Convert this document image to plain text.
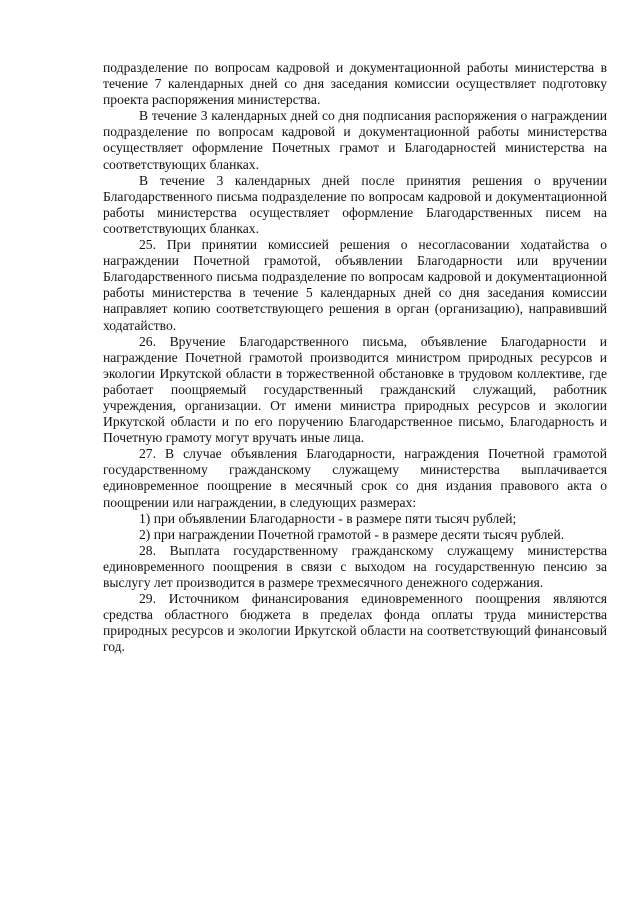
подразделение по вопросам кадровой и документационной работы министерства в течение 7 календарных дней со дня заседания комиссии осуществляет подготовку проекта распоряжения министерства.

В течение 3 календарных дней со дня подписания распоряжения о награждении подразделение по вопросам кадровой и документационной работы министерства осуществляет оформление Почетных грамот и Благодарностей министерства на соответствующих бланках.

В течение 3 календарных дней после принятия решения о вручении Благодарственного письма подразделение по вопросам кадровой и документационной работы министерства осуществляет оформление Благодарственных писем на соответствующих бланках.

25. При принятии комиссией решения о несогласовании ходатайства о награждении Почетной грамотой, объявлении Благодарности или вручении Благодарственного письма подразделение по вопросам кадровой и документационной работы министерства в течение 5 календарных дней со дня заседания комиссии направляет копию соответствующего решения в орган (организацию), направивший ходатайство.

26. Вручение Благодарственного письма, объявление Благодарности и награждение Почетной грамотой производится министром природных ресурсов и экологии Иркутской области в торжественной обстановке в трудовом коллективе, где работает поощряемый государственный гражданский служащий, работник учреждения, организации. От имени министра природных ресурсов и экологии Иркутской области и по его поручению Благодарственное письмо, Благодарность и Почетную грамоту могут вручать иные лица.

27. В случае объявления Благодарности, награждения Почетной грамотой государственному гражданскому служащему министерства выплачивается единовременное поощрение в месячный срок со дня издания правового акта о поощрении или награждении, в следующих размерах:

1) при объявлении Благодарности - в размере пяти тысяч рублей;

2) при награждении Почетной грамотой - в размере десяти тысяч рублей.

28. Выплата государственному гражданскому служащему министерства единовременного поощрения в связи с выходом на государственную пенсию за выслугу лет производится в размере трехмесячного денежного содержания.

29. Источником финансирования единовременного поощрения являются средства областного бюджета в пределах фонда оплаты труда министерства природных ресурсов и экологии Иркутской области на соответствующий финансовый год.
